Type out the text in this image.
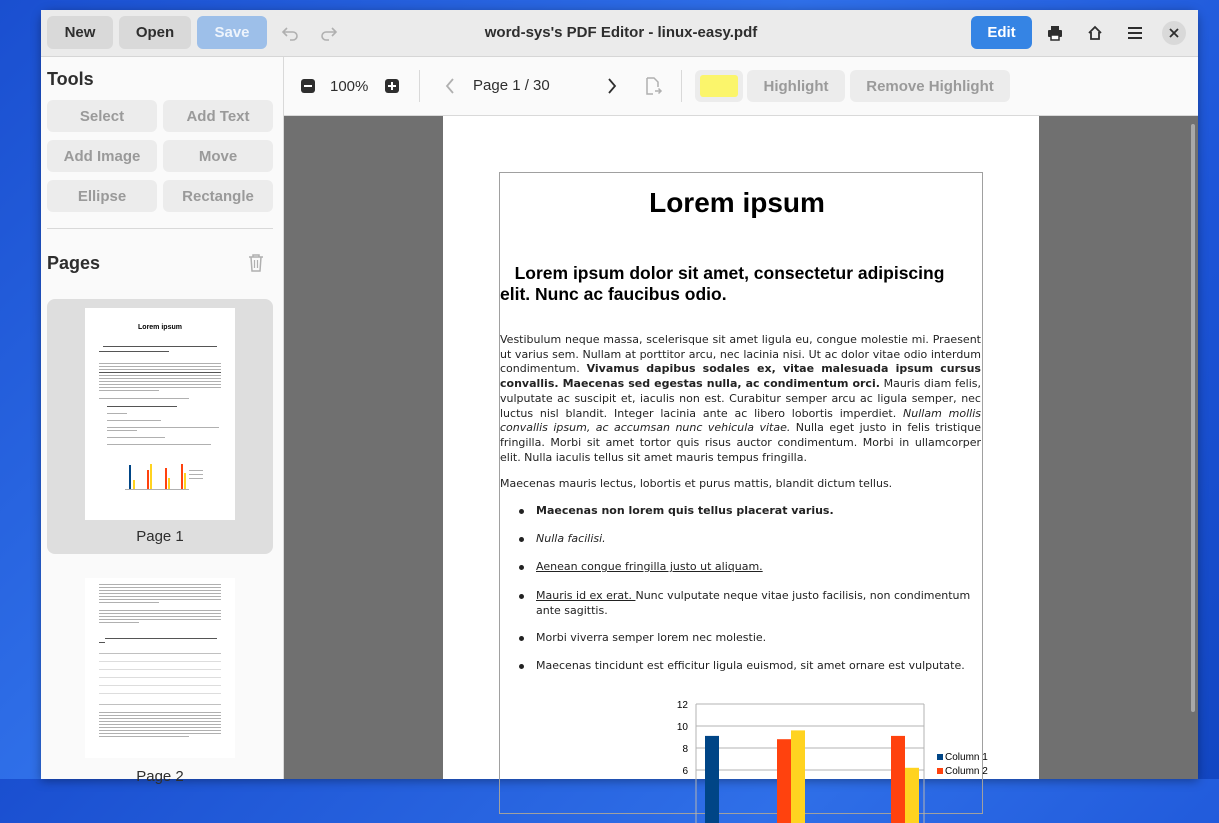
New	Open	Save	word-sys's PDF Editor - linux-easy.pdf	Edit
Tools
Select	Add Text
Add Image	Move
Ellipse	Rectangle
Pages
Lorem ipsum
Page 1
Page 2
100%	Page 1 / 30	Highlight	Remove Highlight
Lorem ipsum
Lorem ipsum dolor sit amet, consectetur adipiscing elit. Nunc ac faucibus odio.
Vestibulum neque massa, scelerisque sit amet ligula eu, congue molestie mi. Praesent ut varius sem. Nullam at porttitor arcu, nec lacinia nisi. Ut ac dolor vitae odio interdum condimentum. Vivamus dapibus sodales ex, vitae malesuada ipsum cursus convallis. Maecenas sed egestas nulla, ac condimentum orci. Mauris diam felis, vulputate ac suscipit et, iaculis non est. Curabitur semper arcu ac ligula semper, nec luctus nisl blandit. Integer lacinia ante ac libero lobortis imperdiet. Nullam mollis convallis ipsum, ac accumsan nunc vehicula vitae. Nulla eget justo in felis tristique fringilla. Morbi sit amet tortor quis risus auctor condimentum. Morbi in ullamcorper elit. Nulla iaculis tellus sit amet mauris tempus fringilla.
Maecenas mauris lectus, lobortis et purus mattis, blandit dictum tellus.
Maecenas non lorem quis tellus placerat varius.
Nulla facilisi.
Aenean congue fringilla justo ut aliquam.
Mauris id ex erat. Nunc vulputate neque vitae justo facilisis, non condimentum ante sagittis.
Morbi viverra semper lorem nec molestie.
Maecenas tincidunt est efficitur ligula euismod, sit amet ornare est vulputate.
12
10
8
6
Column 1
Column 2
